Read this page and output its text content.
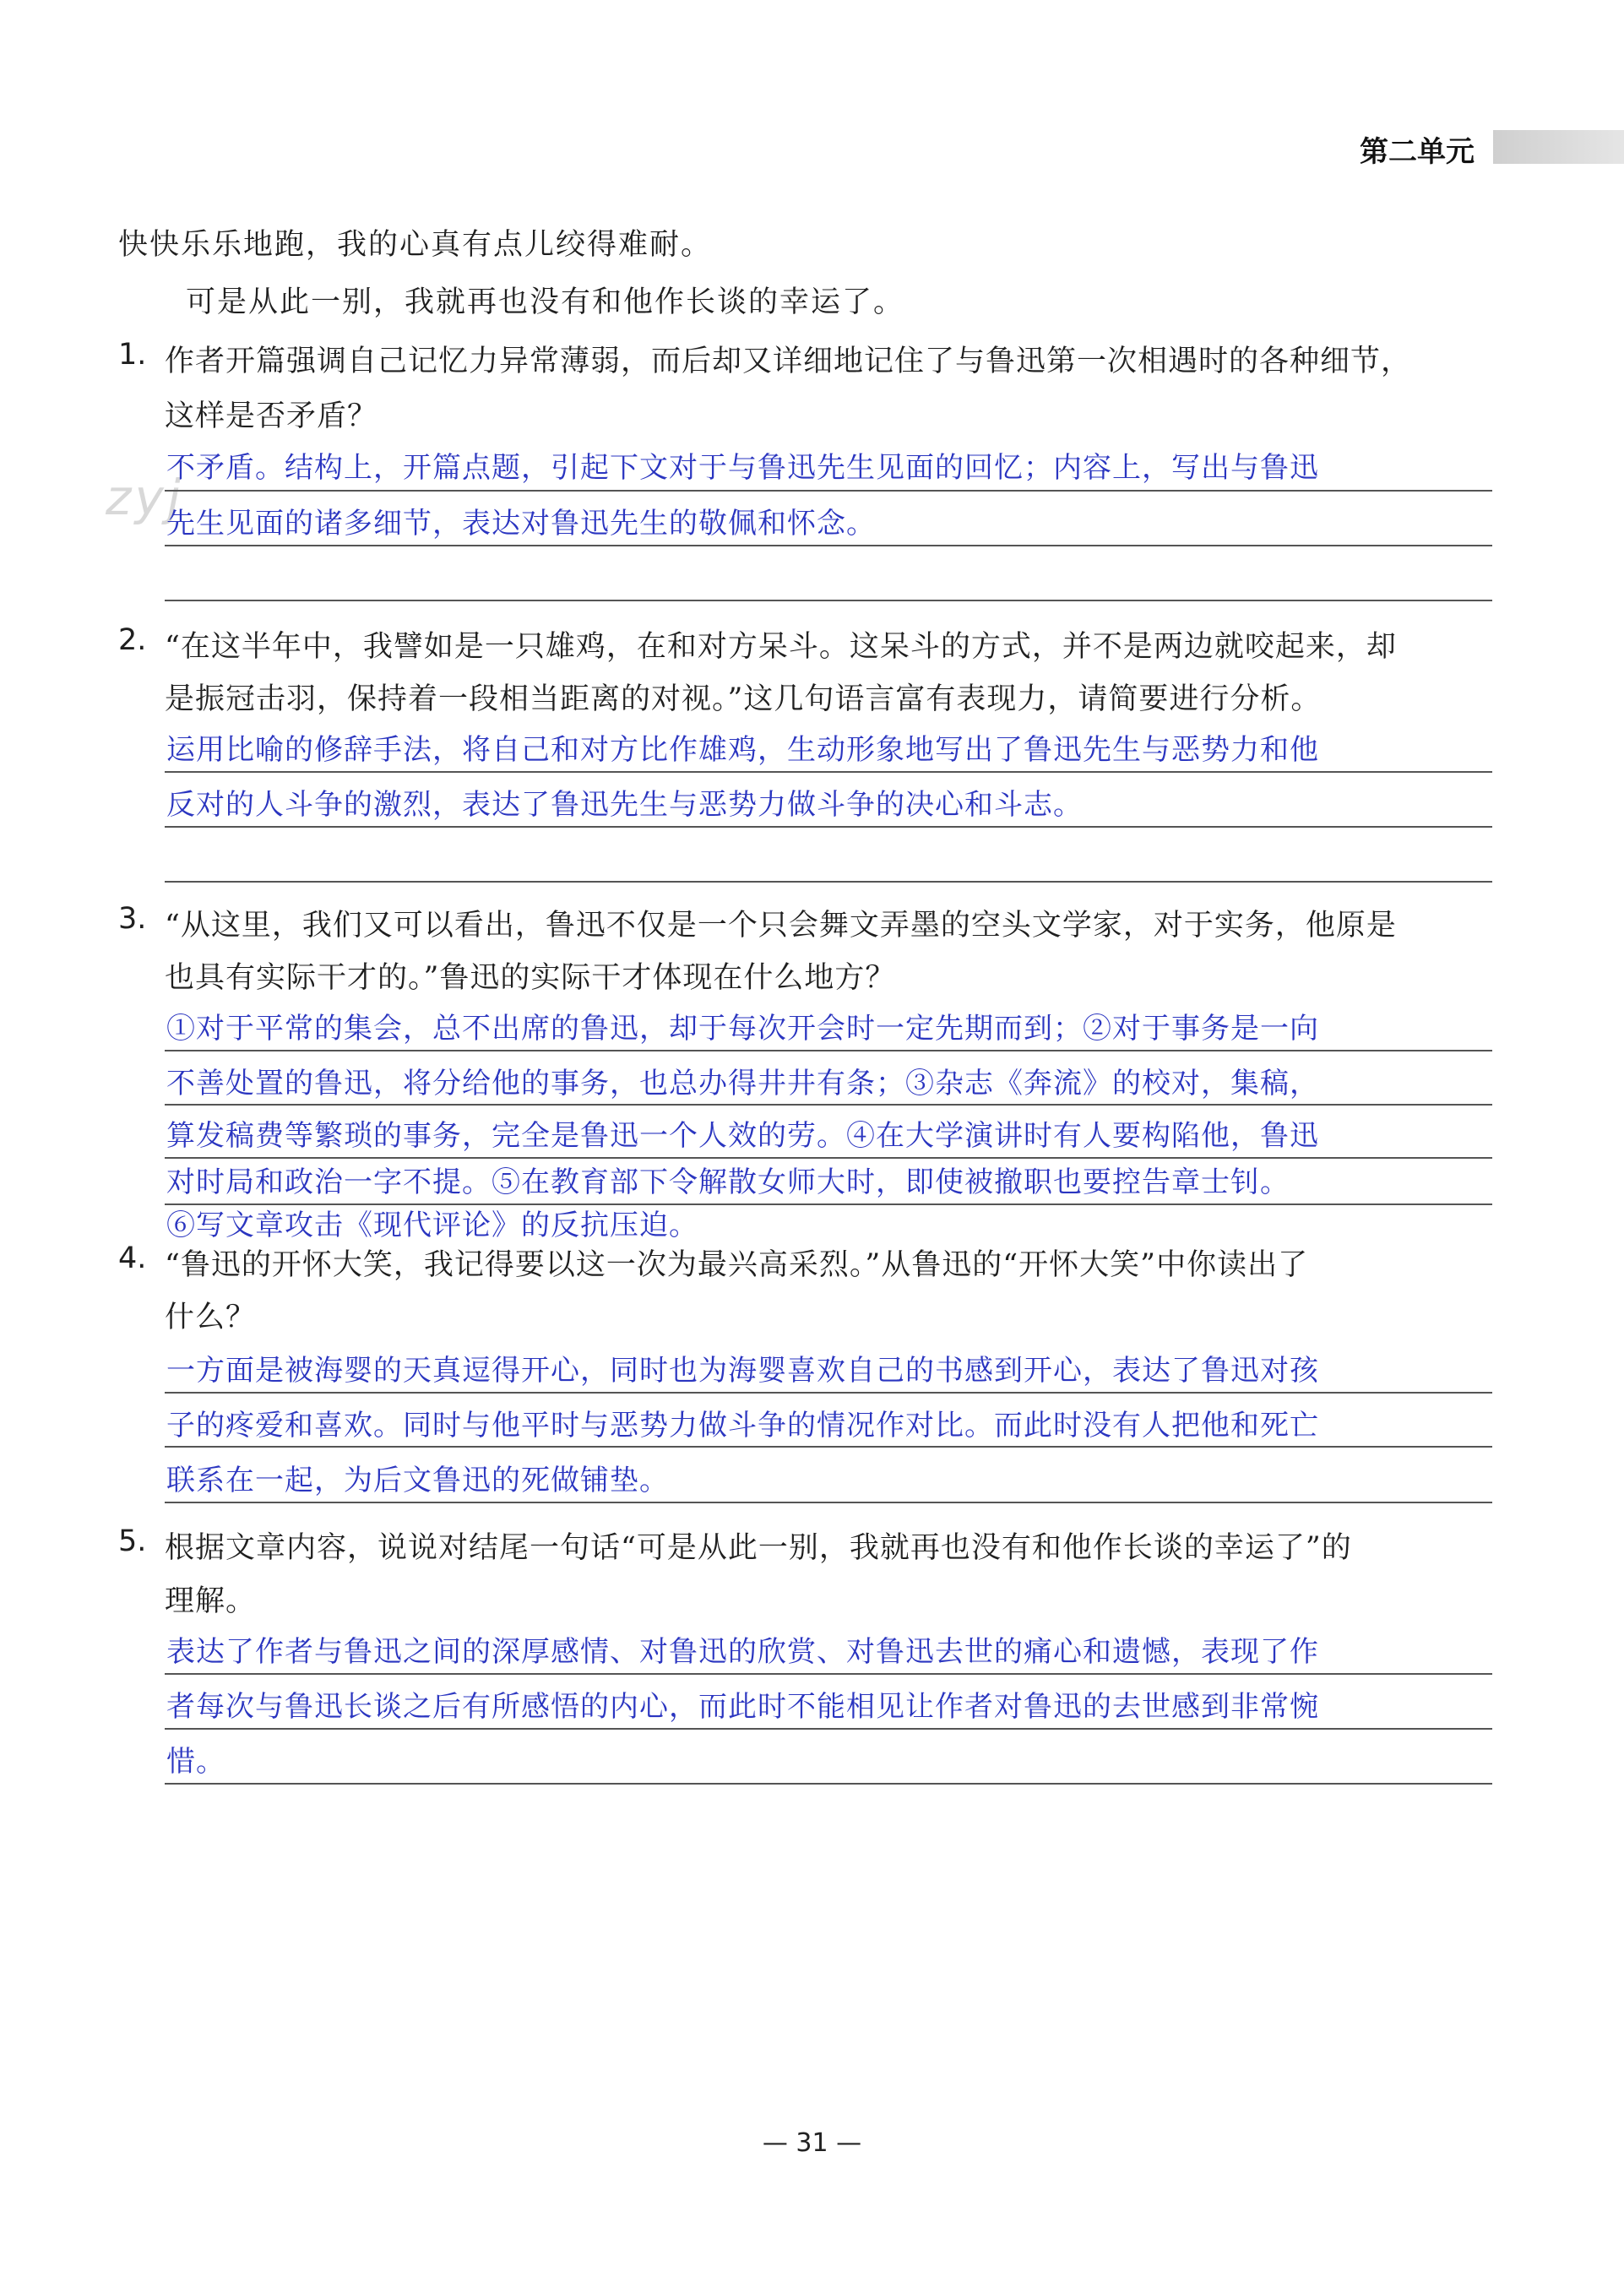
第二单元
快快乐乐地跑，我的心真有点儿绞得难耐。
可是从此一别，我就再也没有和他作长谈的幸运了。
zyj
1. 作者开篇强调自己记忆力异常薄弱，而后却又详细地记住了与鲁迅第一次相遇时的各种细节，
这样是否矛盾？
不矛盾。结构上，开篇点题，引起下文对于与鲁迅先生见面的回忆；内容上，写出与鲁迅
先生见面的诸多细节，表达对鲁迅先生的敬佩和怀念。
2. “在这半年中，我譬如是一只雄鸡，在和对方呆斗。这呆斗的方式，并不是两边就咬起来，却
是振冠击羽，保持着一段相当距离的对视。”这几句语言富有表现力，请简要进行分析。
运用比喻的修辞手法，将自己和对方比作雄鸡，生动形象地写出了鲁迅先生与恶势力和他
反对的人斗争的激烈，表达了鲁迅先生与恶势力做斗争的决心和斗志。
3. “从这里，我们又可以看出，鲁迅不仅是一个只会舞文弄墨的空头文学家，对于实务，他原是
也具有实际干才的。”鲁迅的实际干才体现在什么地方？
①对于平常的集会，总不出席的鲁迅，却于每次开会时一定先期而到；②对于事务是一向
不善处置的鲁迅，将分给他的事务，也总办得井井有条；③杂志《奔流》的校对，集稿，
算发稿费等繁琐的事务，完全是鲁迅一个人效的劳。④在大学演讲时有人要构陷他，鲁迅
对时局和政治一字不提。⑤在教育部下令解散女师大时，即使被撤职也要控告章士钊。
⑥写文章攻击《现代评论》的反抗压迫。
4. “鲁迅的开怀大笑，我记得要以这一次为最兴高采烈。”从鲁迅的“开怀大笑”中你读出了
什么？
一方面是被海婴的天真逗得开心，同时也为海婴喜欢自己的书感到开心，表达了鲁迅对孩
子的疼爱和喜欢。同时与他平时与恶势力做斗争的情况作对比。而此时没有人把他和死亡
联系在一起，为后文鲁迅的死做铺垫。
5. 根据文章内容，说说对结尾一句话“可是从此一别，我就再也没有和他作长谈的幸运了”的
理解。
表达了作者与鲁迅之间的深厚感情、对鲁迅的欣赏、对鲁迅去世的痛心和遗憾，表现了作
者每次与鲁迅长谈之后有所感悟的内心，而此时不能相见让作者对鲁迅的去世感到非常惋
惜。
— 31 —
